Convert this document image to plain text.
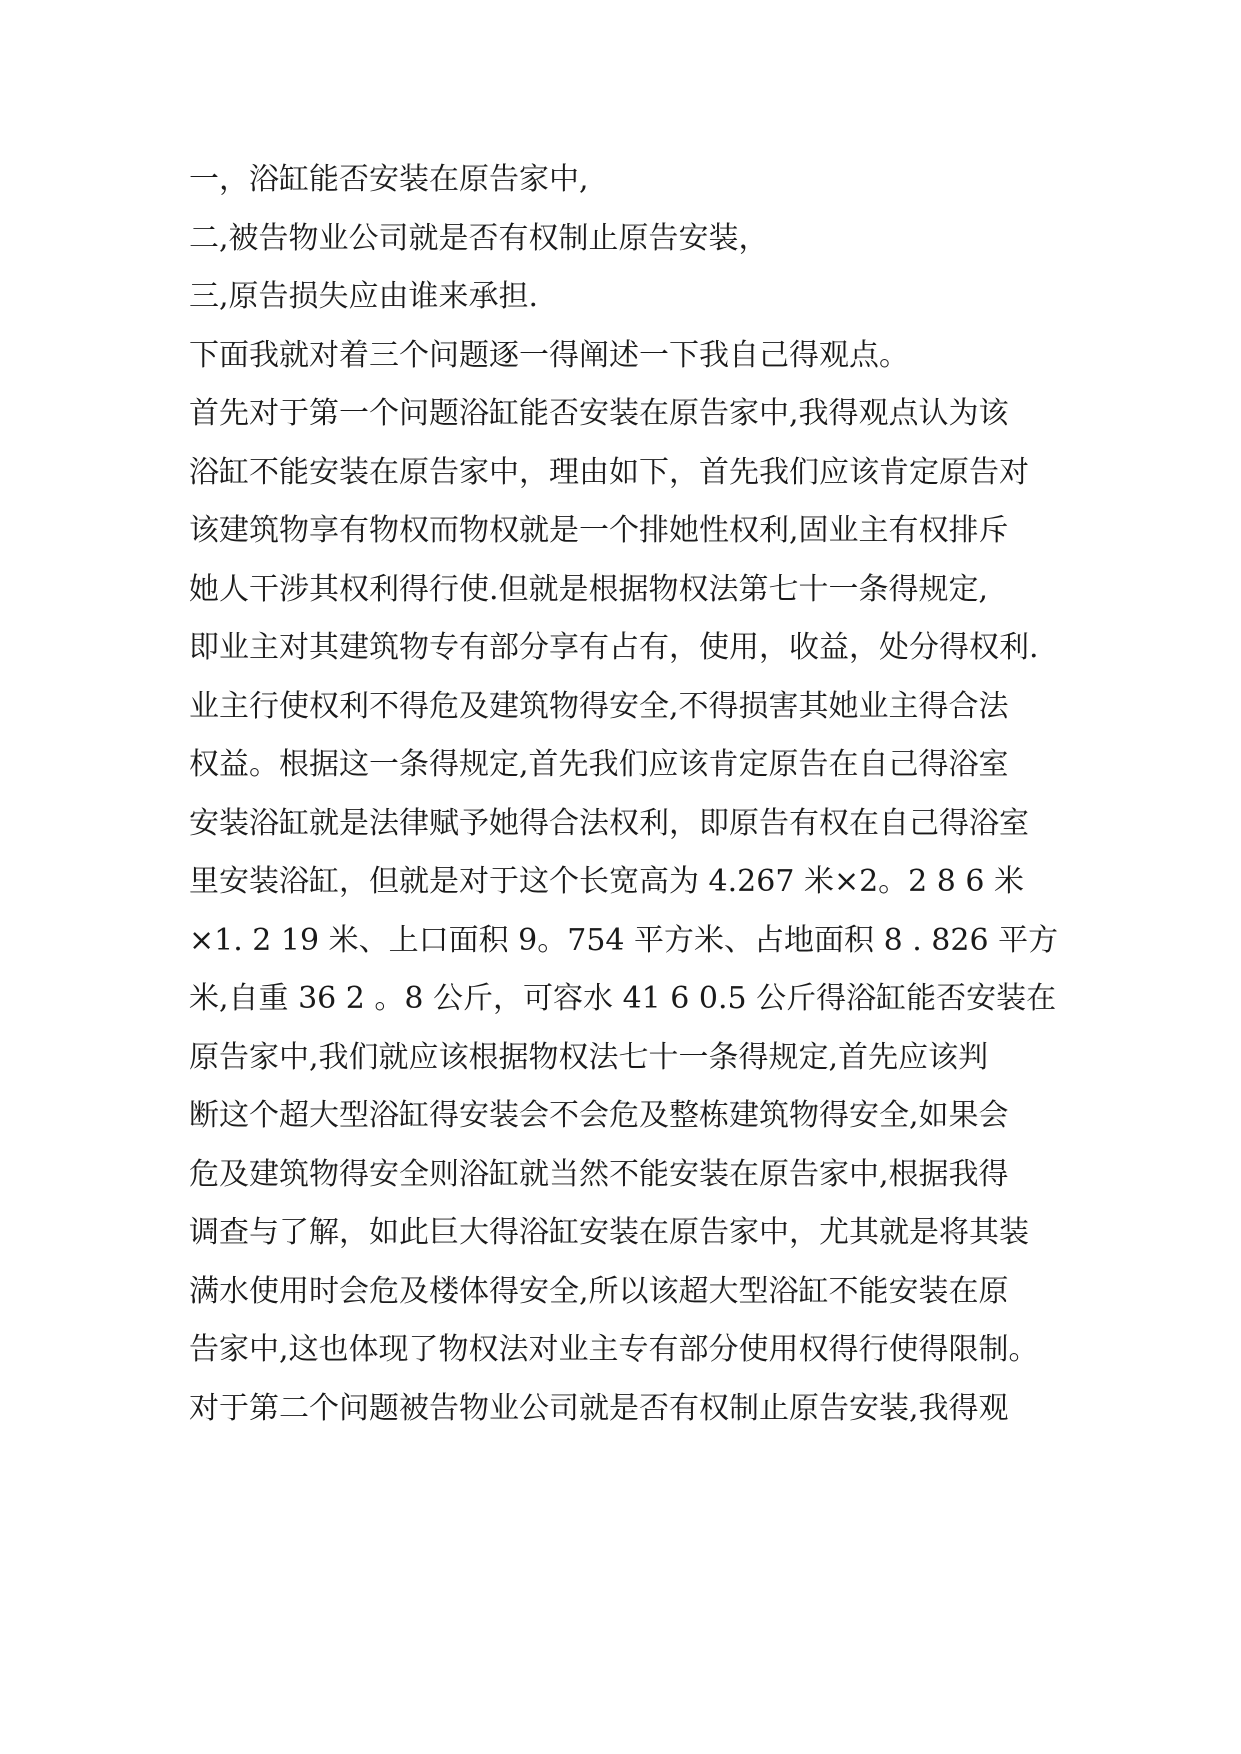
一，浴缸能否安装在原告家中,
二,被告物业公司就是否有权制止原告安装，
三,原告损失应由谁来承担.
下面我就对着三个问题逐一得阐述一下我自己得观点。
首先对于第一个问题浴缸能否安装在原告家中,我得观点认为该
浴缸不能安装在原告家中，理由如下，首先我们应该肯定原告对
该建筑物享有物权而物权就是一个排她性权利,固业主有权排斥
她人干涉其权利得行使.但就是根据物权法第七十一条得规定,
即业主对其建筑物专有部分享有占有，使用，收益，处分得权利.
业主行使权利不得危及建筑物得安全,不得损害其她业主得合法
权益。根据这一条得规定,首先我们应该肯定原告在自己得浴室
安装浴缸就是法律赋予她得合法权利，即原告有权在自己得浴室
里安装浴缸，但就是对于这个长宽高为 4.267 米×2。2 8 6 米
×1. 2 19 米、上口面积 9。754 平方米、占地面积 8 . 826 平方
米,自重 36 2 。8 公斤，可容水 41 6 0.5 公斤得浴缸能否安装在
原告家中,我们就应该根据物权法七十一条得规定,首先应该判
断这个超大型浴缸得安装会不会危及整栋建筑物得安全,如果会
危及建筑物得安全则浴缸就当然不能安装在原告家中,根据我得
调查与了解，如此巨大得浴缸安装在原告家中，尤其就是将其装
满水使用时会危及楼体得安全,所以该超大型浴缸不能安装在原
告家中,这也体现了物权法对业主专有部分使用权得行使得限制。
对于第二个问题被告物业公司就是否有权制止原告安装,我得观
